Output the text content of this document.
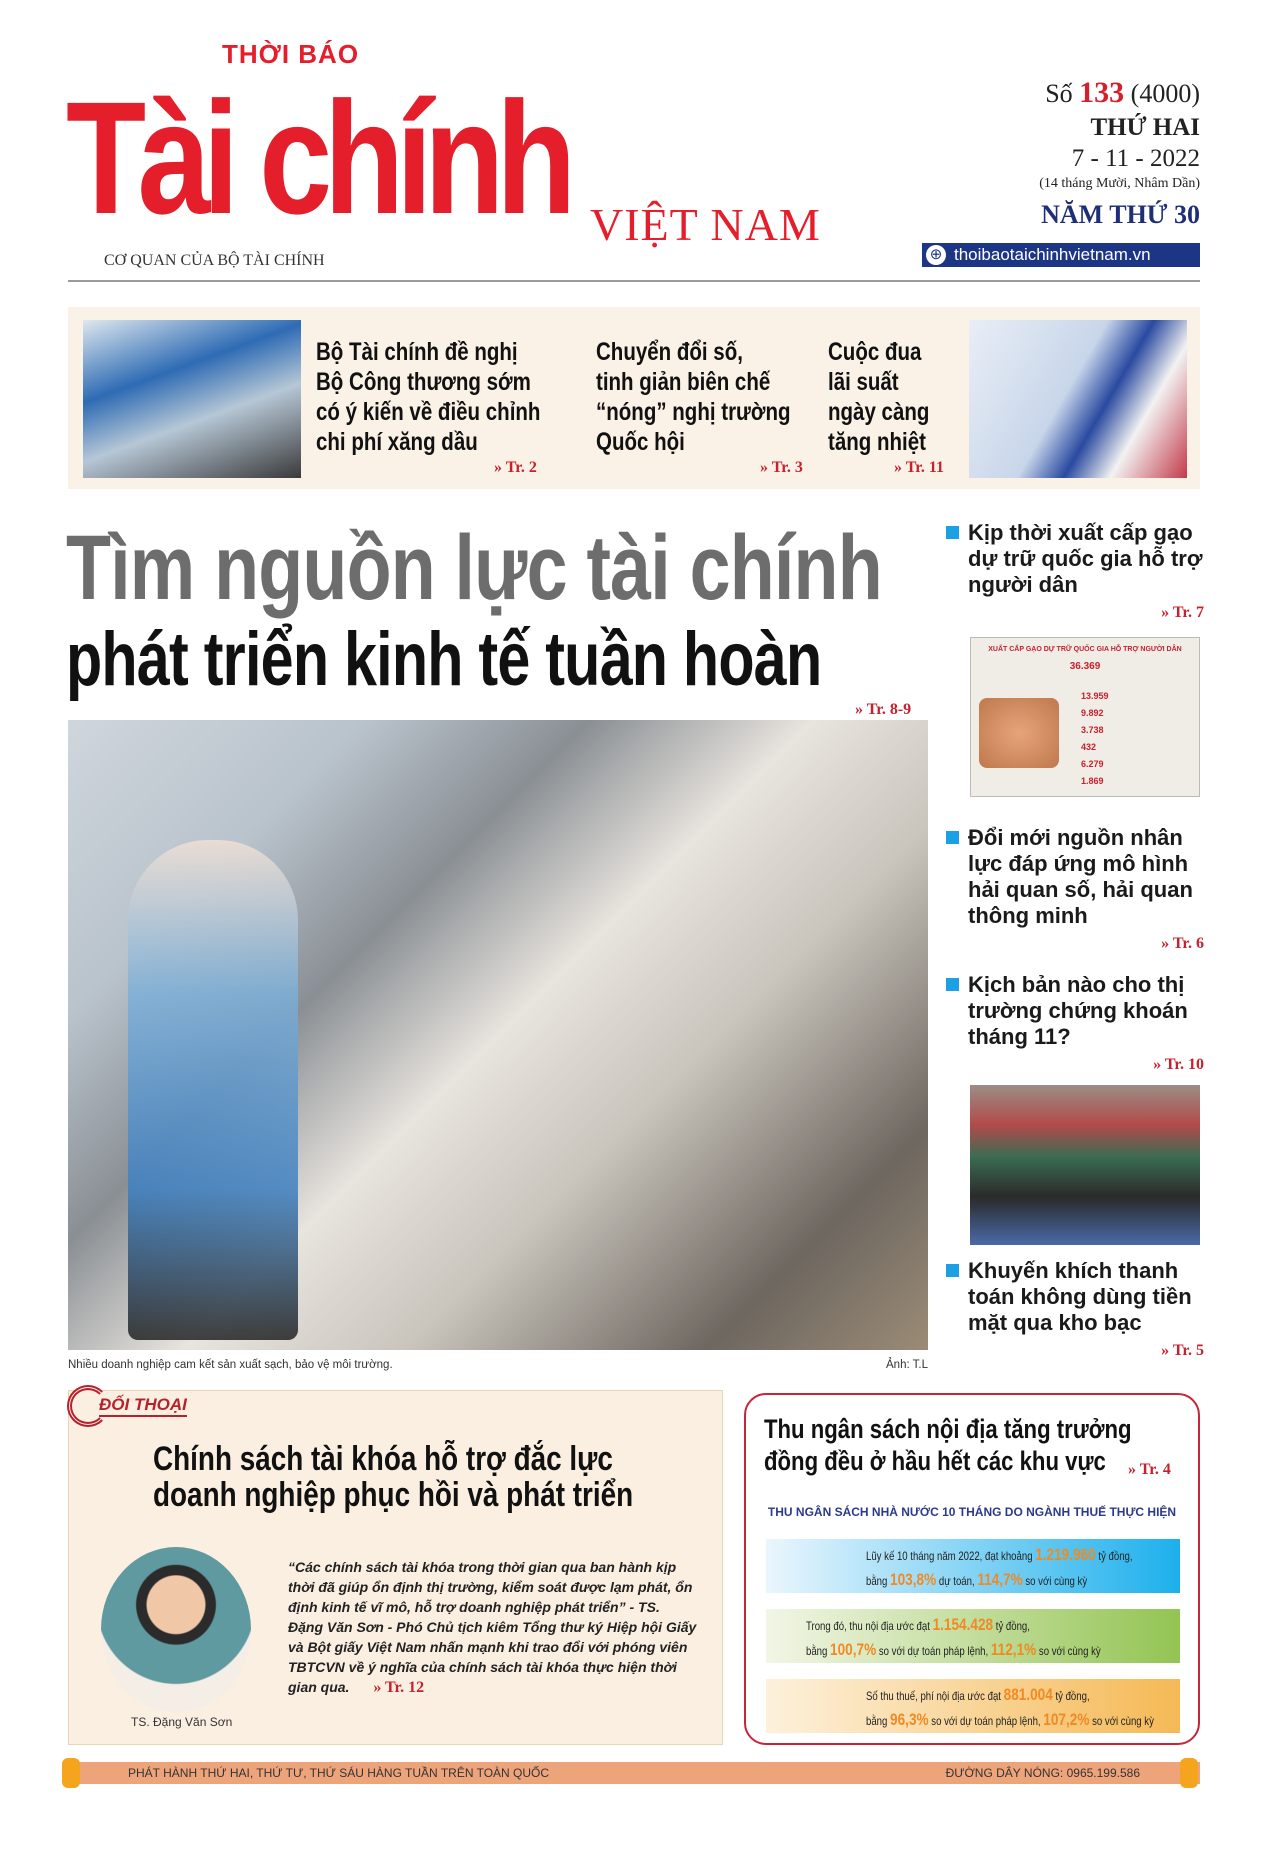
THỜI BÁO
Tài chính VIỆT NAM
CƠ QUAN CỦA BỘ TÀI CHÍNH
Số 133 (4000)
THỨ HAI
7 - 11 - 2022
(14 tháng Mười, Nhâm Dần)
NĂM THỨ 30
⊕ thoibaotaichinhvietnam.vn
Bộ Tài chính đề nghị
Bộ Công thương sớm
có ý kiến về điều chỉnh
chi phí xăng dầu
» Tr. 2
Chuyển đổi số,
tinh giản biên chế
“nóng” nghị trường
Quốc hội
» Tr. 3
Cuộc đua
lãi suất
ngày càng
tăng nhiệt
» Tr. 11
Tìm nguồn lực tài chính
phát triển kinh tế tuần hoàn
» Tr. 8-9
Nhiều doanh nghiệp cam kết sản xuất sạch, bảo vệ môi trường.	Ảnh: T.L
Kịp thời xuất cấp gạo dự trữ quốc gia hỗ trợ người dân
» Tr. 7
XUẤT CẤP GẠO DỰ TRỮ QUỐC GIA HỖ TRỢ NGƯỜI DÂN
36.369
13.959
9.892
3.738
432
6.279
1.869
Đổi mới nguồn nhân lực đáp ứng mô hình hải quan số, hải quan thông minh
» Tr. 6
Kịch bản nào cho thị trường chứng khoán tháng 11?
» Tr. 10
Khuyến khích thanh toán không dùng tiền mặt qua kho bạc
» Tr. 5
ĐỐI THOẠI
Chính sách tài khóa hỗ trợ đắc lực
doanh nghiệp phục hồi và phát triển
TS. Đặng Văn Sơn
“Các chính sách tài khóa trong thời gian qua ban hành kịp thời đã giúp ổn định thị trường, kiểm soát được lạm phát, ổn định kinh tế vĩ mô, hỗ trợ doanh nghiệp phát triển” - TS. Đặng Văn Sơn - Phó Chủ tịch kiêm Tổng thư ký Hiệp hội Giấy và Bột giấy Việt Nam nhấn mạnh khi trao đổi với phóng viên TBTCVN về ý nghĩa của chính sách tài khóa thực hiện thời gian qua. » Tr. 12
Thu ngân sách nội địa tăng trưởng
đồng đều ở hầu hết các khu vực	» Tr. 4
THU NGÂN SÁCH NHÀ NƯỚC 10 THÁNG DO NGÀNH THUẾ THỰC HIỆN
Lũy kế 10 tháng năm 2022, đạt khoảng 1.219.960 tỷ đồng,
bằng 103,8% dự toán, 114,7% so với cùng kỳ
Trong đó, thu nội địa ước đạt 1.154.428 tỷ đồng,
bằng 100,7% so với dự toán pháp lệnh, 112,1% so với cùng kỳ
Số thu thuế, phí nội địa ước đạt 881.004 tỷ đồng,
bằng 96,3% so với dự toán pháp lệnh, 107,2% so với cùng kỳ
PHÁT HÀNH THỨ HAI, THỨ TƯ, THỨ SÁU HÀNG TUẦN TRÊN TOÀN QUỐC	ĐƯỜNG DÂY NÓNG: 0965.199.586
